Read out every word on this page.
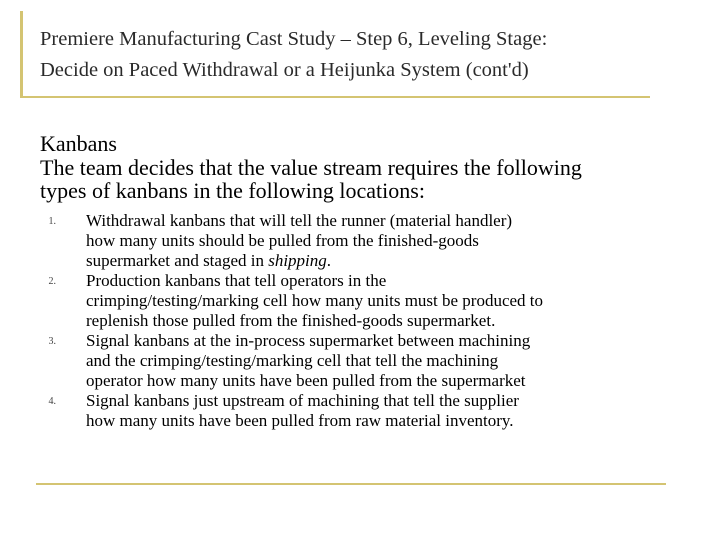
Premiere Manufacturing Cast Study – Step 6, Leveling Stage:
Decide on Paced Withdrawal or a Heijunka System (cont'd)
Kanbans
The team decides that the value stream requires the following
types of kanbans in the following locations:
1. Withdrawal kanbans that will tell the runner (material handler)
how many units should be pulled from the finished-goods
supermarket and staged in shipping.
2. Production kanbans that tell operators in the
crimping/testing/marking cell how many units must be produced to
replenish those pulled from the finished-goods supermarket.
3. Signal kanbans at the in-process supermarket between machining
and the crimping/testing/marking cell that tell the machining
operator how many units have been pulled from the supermarket
4. Signal kanbans just upstream of machining that tell the supplier
how many units have been pulled from raw material inventory.
